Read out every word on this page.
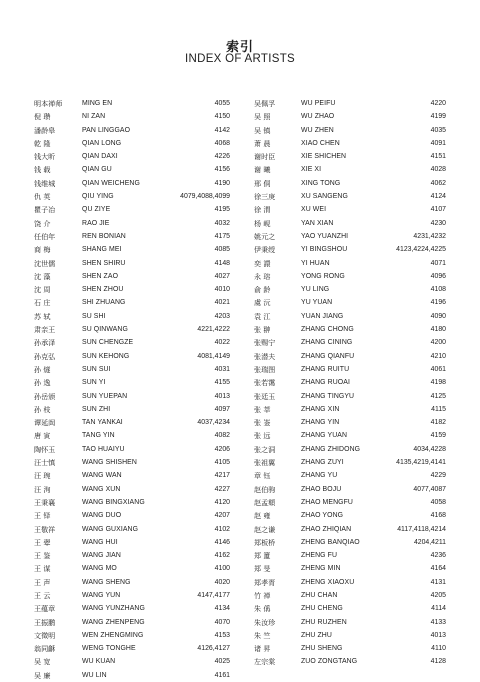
索引
INDEX OF ARTISTS
明本禅师	MING EN	4055
倪 瓒	NI ZAN	4150
潘龄皋	PAN LINGGAO	4142
乾 隆	QIAN LONG	4068
钱大昕	QIAN DAXI	4226
钱 载	QIAN GU	4156
钱维城	QIAN WEICHENG	4190
仇 英	QIU YING	4079,4088,4099
瞿子冶	QU ZIYE	4195
饶 介	RAO JIE	4032
任伯年	REN BONIAN	4175
商 梅	SHANG MEI	4085
沈世儒	SHEN SHIRU	4148
沈 藻	SHEN ZAO	4027
沈 周	SHEN ZHOU	4010
石 庄	SHI ZHUANG	4021
苏 轼	SU SHI	4203
肃亲王	SU QINWANG	4221,4222
孙承泽	SUN CHENGZE	4022
孙克弘	SUN KEHONG	4081,4149
孙 燧	SUN SUI	4031
孙 逸	SUN YI	4155
孙岳颁	SUN YUEPAN	4013
孙 枝	SUN ZHI	4097
谭延闿	TAN YANKAI	4037,4234
唐 寅	TANG YIN	4082
陶怀玉	TAO HUAIYU	4206
汪士慎	WANG SHISHEN	4105
汪 琬	WANG WAN	4217
汪 洵	WANG XUN	4227
王秉襄	WANG BINGXIANG	4120
王 铎	WANG DUO	4207
王敬祥	WANG GUXIANG	4102
王 翚	WANG HUI	4146
王 鉴	WANG JIAN	4162
王 谋	WANG MO	4100
王 声	WANG SHENG	4020
王 云	WANG YUN	4147,4177
王蕴章	WANG YUNZHANG	4134
王振鹏	WANG ZHENPENG	4070
文徵明	WEN ZHENGMING	4153
翁同龢	WENG TONGHE	4126,4127
吴 宽	WU KUAN	4025
吴 廉	WU LIN	4161
吴佩孚	WU PEIFU	4220
吴 照	WU ZHAO	4199
吴 镇	WU ZHEN	4035
萧 晨	XIAO CHEN	4091
谢时臣	XIE SHICHEN	4151
谢 曦	XIE XI	4028
邢 侗	XING TONG	4062
徐三庚	XU SANGENG	4124
徐 渭	XU WEI	4107
杨 岘	YAN XIAN	4230
姚元之	YAO YUANZHI	4231,4232
伊秉绶	YI BINGSHOU	4123,4224,4225
奕 譞	YI HUAN	4071
永 瑢	YONG RONG	4096
俞 龄	YU LING	4108
虞 沅	YU YUAN	4196
袁 江	YUAN JIANG	4090
张 翀	ZHANG CHONG	4180
张赐宁	ZHANG CINING	4200
张潜夫	ZHANG QIANFU	4210
张瑞图	ZHANG RUITU	4061
张若霭	ZHANG RUOAI	4198
张廷玉	ZHANG TINGYU	4125
张 莘	ZHANG XIN	4115
张 崟	ZHANG YIN	4182
张 远	ZHANG YUAN	4159
张之洞	ZHANG ZHIDONG	4034,4228
张祖翼	ZHANG ZUYI	4135,4219,4141
章 钰	ZHANG YU	4229
赵伯驹	ZHAO BOJU	4077,4087
赵孟頫	ZHAO MENGFU	4058
赵 雍	ZHAO YONG	4168
赵之谦	ZHAO ZHIQIAN	4117,4118,4214
郑板桥	ZHENG BANQIAO	4204,4211
郑 簠	ZHENG FU	4236
郑 旻	ZHENG MIN	4164
郑孝胥	ZHENG XIAOXU	4131
竹 禅	ZHU CHAN	4205
朱 偁	ZHU CHENG	4114
朱汝珍	ZHU RUZHEN	4133
朱 竺	ZHU ZHU	4013
诸 昇	ZHU SHENG	4110
左宗棠	ZUO ZONGTANG	4128
